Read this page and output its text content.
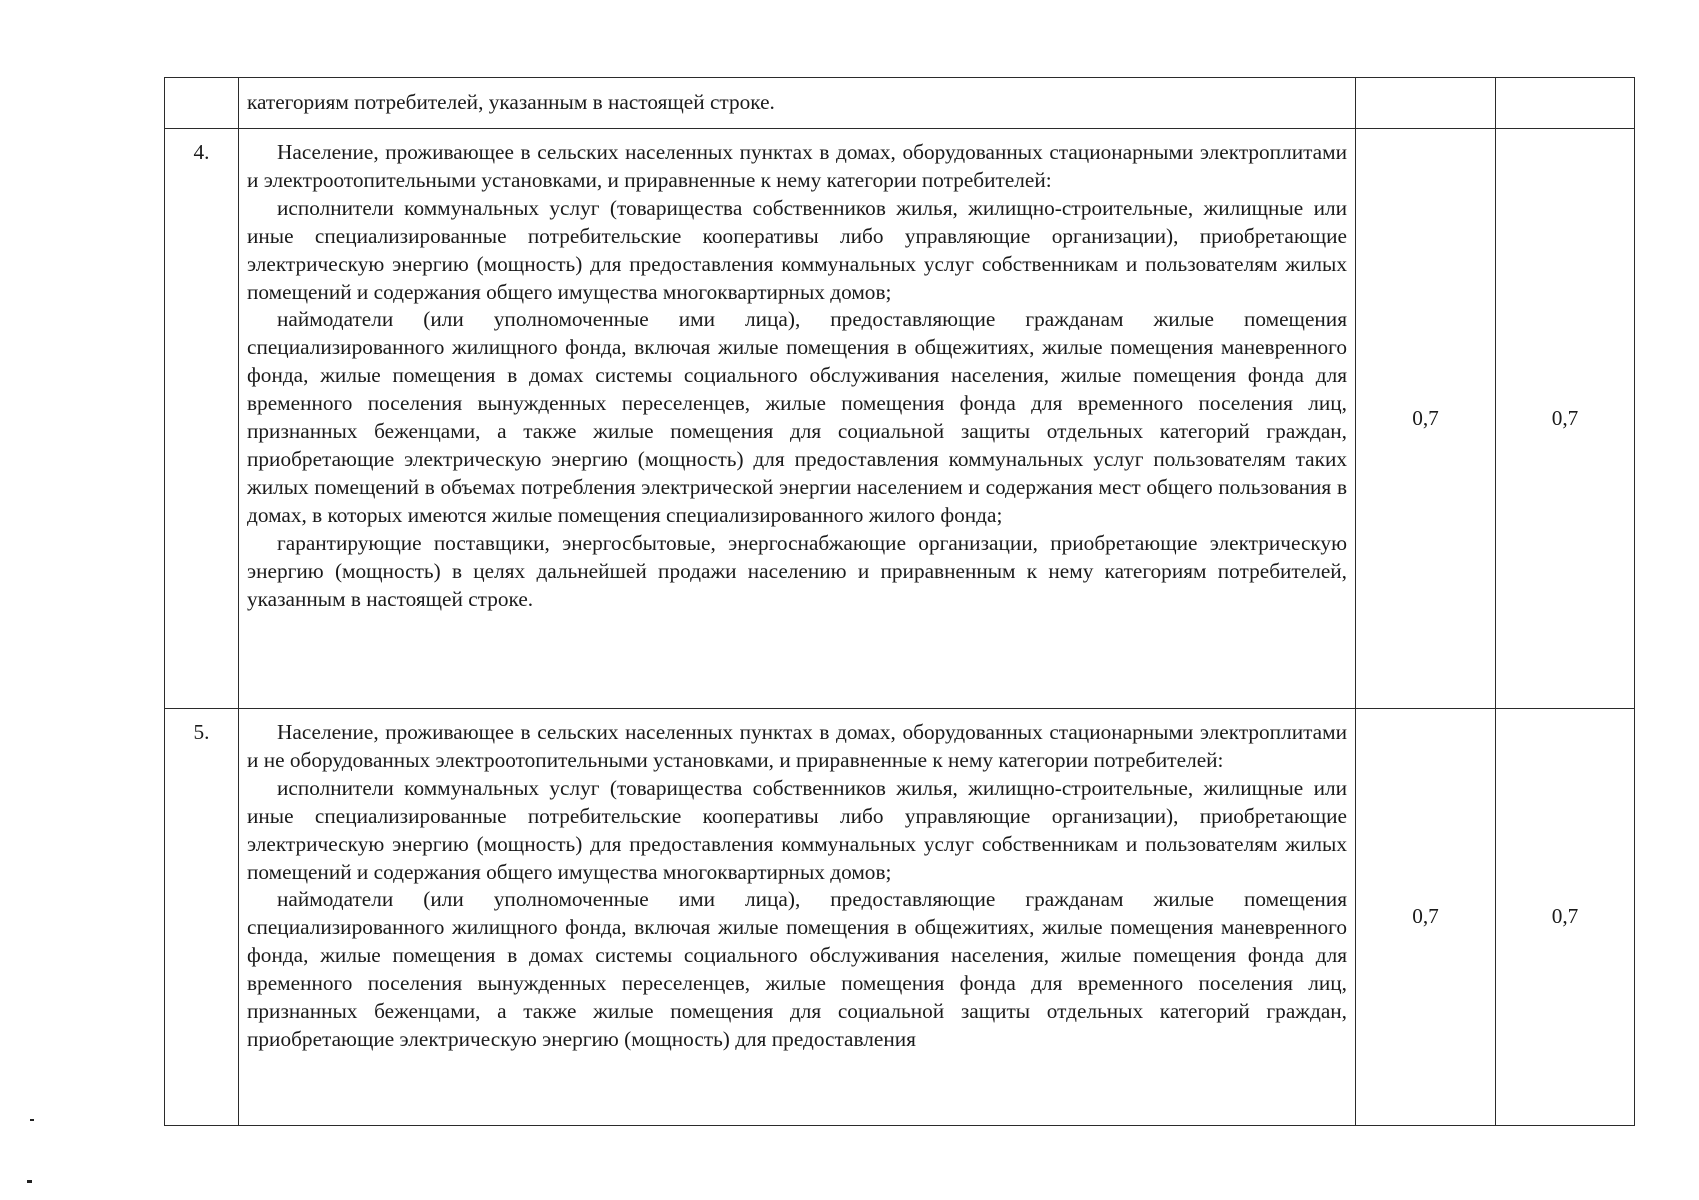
	категориям потребителей, указанным в настоящей строке.		

4.	Население, проживающее в сельских населенных пунктах в домах, оборудованных стационарными электроплитами и электроотопительными установками, и приравненные к нему категории потребителей:

исполнители коммунальных услуг (товарищества собственников жилья, жилищно-строительные, жилищные или иные специализированные потребительские кооперативы либо управляющие организации), приобретающие электрическую энергию (мощность) для предоставления коммунальных услуг собственникам и пользователям жилых помещений и содержания общего имущества многоквартирных домов;

наймодатели (или уполномоченные ими лица), предоставляющие гражданам жилые помещения специализированного жилищного фонда, включая жилые помещения в общежитиях, жилые помещения маневренного фонда, жилые помещения в домах системы социального обслуживания населения, жилые помещения фонда для временного поселения вынужденных переселенцев, жилые помещения фонда для временного поселения лиц, признанных беженцами, а также жилые помещения для социальной защиты отдельных категорий граждан, приобретающие электрическую энергию (мощность) для предоставления коммунальных услуг пользователям таких жилых помещений в объемах потребления электрической энергии населением и содержания мест общего пользования в домах, в которых имеются жилые помещения специализированного жилого фонда;

гарантирующие поставщики, энергосбытовые, энергоснабжающие организации, приобретающие электрическую энергию (мощность) в целях дальнейшей продажи населению и приравненным к нему категориям потребителей, указанным в настоящей строке.	0,7	0,7
5.	Население, проживающее в сельских населенных пунктах в домах, оборудованных стационарными электроплитами и не оборудованных электроотопительными установками, и приравненные к нему категории потребителей:

исполнители коммунальных услуг (товарищества собственников жилья, жилищно-строительные, жилищные или иные специализированные потребительские кооперативы либо управляющие организации), приобретающие электрическую энергию (мощность) для предоставления коммунальных услуг собственникам и пользователям жилых помещений и содержания общего имущества многоквартирных домов;

наймодатели (или уполномоченные ими лица), предоставляющие гражданам жилые помещения специализированного жилищного фонда, включая жилые помещения в общежитиях, жилые помещения маневренного фонда, жилые помещения в домах системы социального обслуживания населения, жилые помещения фонда для временного поселения вынужденных переселенцев, жилые помещения фонда для временного поселения лиц, признанных беженцами, а также жилые помещения для социальной защиты отдельных категорий граждан, приобретающие электрическую энергию (мощность) для предоставления	0,7	0,7
